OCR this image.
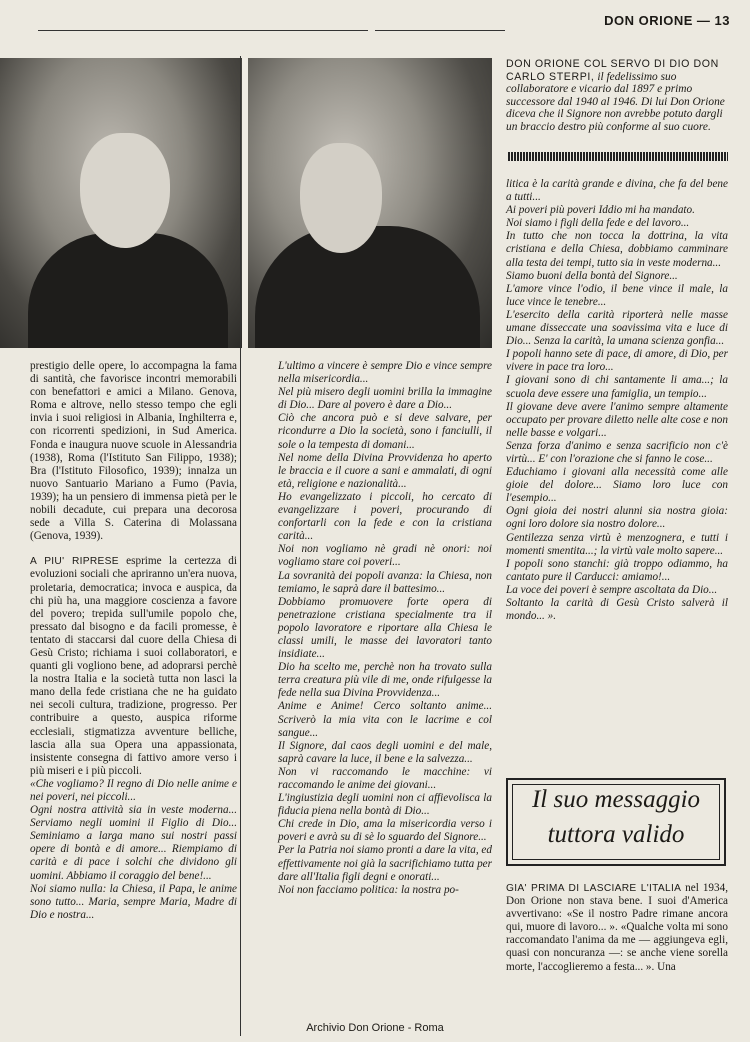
DON ORIONE — 13
DON ORIONE COL SERVO DI DIO DON CARLO STERPI, il fedelissimo suo collaboratore e vicario dal 1897 e primo successore dal 1940 al 1946. Di lui Don Orione diceva che il Signore non avrebbe potuto dargli un braccio destro più conforme al suo cuore.

prestigio delle opere, lo accompagna la fama di santità, che favorisce incontri memorabili con benefattori e amici a Milano. Genova, Roma e altrove, nello stesso tempo che egli invia i suoi religiosi in Albania, Inghilterra e, con ricorrenti spedizioni, in Sud America. Fonda e inaugura nuove scuole in Alessandria (1938), Roma (l'Istituto San Filippo, 1938); Bra (l'Istituto Filosofico, 1939); innalza un nuovo Santuario Mariano a Fumo (Pavia, 1939); ha un pensiero di immensa pietà per le nobili decadute, cui prepara una decorosa sede a Villa S. Caterina di Molassana (Genova, 1939).

A PIU' RIPRESE esprime la certezza di evoluzioni sociali che apriranno un'era nuova, proletaria, democratica; invoca e auspica, da chi più ha, una maggiore coscienza a favore del povero; trepida sull'umile popolo che, pressato dal bisogno e da facili promesse, è tentato di staccarsi dal cuore della Chiesa di Gesù Cristo; richiama i suoi collaboratori, e quanti gli vogliono bene, ad adoprarsi perchè la nostra Italia e la società tutta non lasci la mano della fede cristiana che ne ha guidato nei secoli cultura, tradizione, progresso. Per contribuire a questo, auspica riforme ecclesiali, stigmatizza avventure belliche, lascia alla sua Opera una appassionata, insistente consegna di fattivo amore verso i più miseri e i più piccoli.

«Che vogliamo? Il regno di Dio nelle anime e nei poveri, nei piccoli...

Ogni nostra attività sia in veste moderna... Serviamo negli uomini il Figlio di Dio... Seminiamo a larga mano sui nostri passi opere di bontà e di amore... Riempiamo di carità e di pace i solchi che dividono gli uomini. Abbiamo il coraggio del bene!...

Noi siamo nulla: la Chiesa, il Papa, le anime sono tutto... Maria, sempre Maria, Madre di Dio e nostra...

L'ultimo a vincere è sempre Dio e vince sempre nella misericordia...

Nel più misero degli uomini brilla la immagine di Dio... Dare al povero è dare a Dio...

Ciò che ancora può e si deve salvare, per ricondurre a Dio la società, sono i fanciulli, il sole o la tempesta di domani...

Nel nome della Divina Provvidenza ho aperto le braccia e il cuore a sani e ammalati, di ogni età, religione e nazionalità...

Ho evangelizzato i piccoli, ho cercato di evangelizzare i poveri, procurando di confortarli con la fede e con la cristiana carità...

Noi non vogliamo nè gradi nè onori: noi vogliamo stare coi poveri...

La sovranità dei popoli avanza: la Chiesa, non temiamo, le saprà dare il battesimo...

Dobbiamo promuovere forte opera di penetrazione cristiana specialmente tra il popolo lavoratore e riportare alla Chiesa le classi umili, le masse dei lavoratori tanto insidiate...

Dio ha scelto me, perchè non ha trovato sulla terra creatura più vile di me, onde rifulgesse la fede nella sua Divina Provvidenza...

Anime e Anime! Cerco soltanto anime... Scriverò la mia vita con le lacrime e col sangue...

Il Signore, dal caos degli uomini e del male, saprà cavare la luce, il bene e la salvezza...

Non vi raccomando le macchine: vi raccomando le anime dei giovani...

L'ingiustizia degli uomini non ci affievolisca la fiducia piena nella bontà di Dio...

Chi crede in Dio, ama la misericordia verso i poveri e avrà su di sè lo sguardo del Signore...

Per la Patria noi siamo pronti a dare la vita, ed effettivamente noi già la sacrifichiamo tutta per dare all'Italia figli degni e onorati...

Noi non facciamo politica: la nostra po-

litica è la carità grande e divina, che fa del bene a tutti...

Ai poveri più poveri Iddio mi ha mandato.

Noi siamo i figli della fede e del lavoro...

In tutto che non tocca la dottrina, la vita cristiana e della Chiesa, dobbiamo camminare alla testa dei tempi, tutto sia in veste moderna...

Siamo buoni della bontà del Signore...

L'amore vince l'odio, il bene vince il male, la luce vince le tenebre...

L'esercito della carità riporterà nelle masse umane disseccate una soavissima vita e luce di Dio... Senza la carità, la umana scienza gonfia...

I popoli hanno sete di pace, di amore, di Dio, per vivere in pace tra loro...

I giovani sono di chi santamente li ama...; la scuola deve essere una famiglia, un tempio...

Il giovane deve avere l'animo sempre altamente occupato per provare diletto nelle alte cose e non nelle basse e volgari...

Senza forza d'animo e senza sacrificio non c'è virtù... E' con l'orazione che si fanno le cose...

Educhiamo i giovani alla necessità come alle gioie del dolore... Siamo loro luce con l'esempio...

Ogni gioia dei nostri alunni sia nostra gioia: ogni loro dolore sia nostro dolore...

Gentilezza senza virtù è menzognera, e tutti i momenti smentita...; la virtù vale molto sapere...

I popoli sono stanchi: già troppo odiammo, ha cantato pure il Carducci: amiamo!...

La voce dei poveri è sempre ascoltata da Dio...

Soltanto la carità di Gesù Cristo salverà il mondo... ».

Il suo messaggio
tuttora valido
GIA' PRIMA DI LASCIARE L'ITALIA nel 1934, Don Orione non stava bene. I suoi d'America avvertivano: «Se il nostro Padre rimane ancora qui, muore di lavoro... ». «Qualche volta mi sono raccomandato l'anima da me — aggiungeva egli, quasi con noncuranza —: se anche viene sorella morte, l'accoglieremo a festa... ». Una
Archivio Don Orione - Roma
